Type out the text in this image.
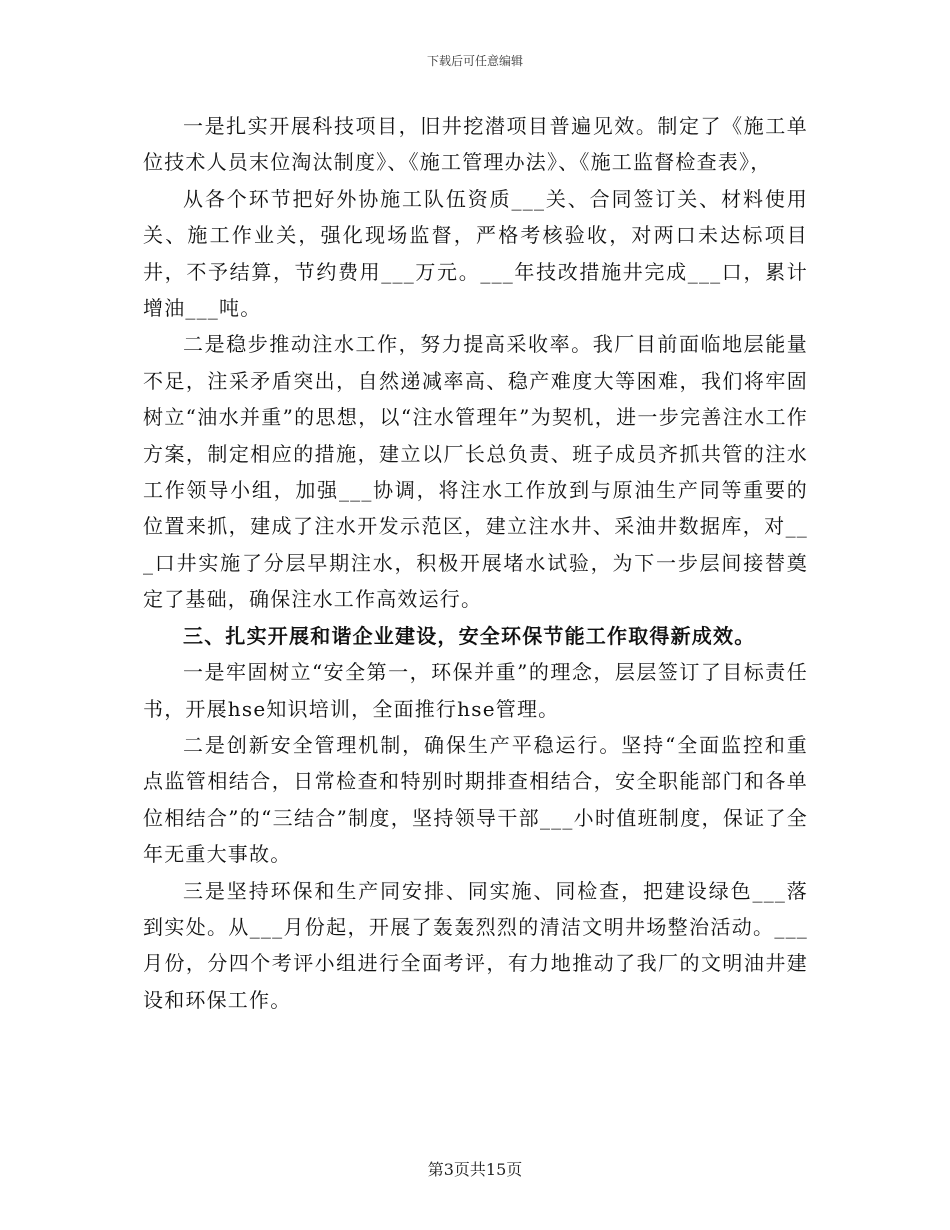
下载后可任意编辑

一是扎实开展科技项目，旧井挖潜项目普遍见效。制定了《施工单位技术人员末位淘汰制度》、《施工管理办法》、《施工监督检查表》，

从各个环节把好外协施工队伍资质___关、合同签订关、材料使用关、施工作业关，强化现场监督，严格考核验收，对两口未达标项目井，不予结算，节约费用___万元。___年技改措施井完成___口，累计增油___吨。

二是稳步推动注水工作，努力提高采收率。我厂目前面临地层能量不足，注采矛盾突出，自然递减率高、稳产难度大等困难，我们将牢固树立“油水并重”的思想，以“注水管理年”为契机，进一步完善注水工作方案，制定相应的措施，建立以厂长总负责、班子成员齐抓共管的注水工作领导小组，加强___协调，将注水工作放到与原油生产同等重要的位置来抓，建成了注水开发示范区，建立注水井、采油井数据库，对___口井实施了分层早期注水，积极开展堵水试验，为下一步层间接替奠定了基础，确保注水工作高效运行。

三、扎实开展和谐企业建设，安全环保节能工作取得新成效。

一是牢固树立“安全第一，环保并重”的理念，层层签订了目标责任书，开展hse知识培训，全面推行hse管理。

二是创新安全管理机制，确保生产平稳运行。坚持“全面监控和重点监管相结合，日常检查和特别时期排查相结合，安全职能部门和各单位相结合”的“三结合”制度，坚持领导干部___小时值班制度，保证了全年无重大事故。

三是坚持环保和生产同安排、同实施、同检查，把建设绿色___落到实处。从___月份起，开展了轰轰烈烈的清洁文明井场整治活动。___月份，分四个考评小组进行全面考评，有力地推动了我厂的文明油井建设和环保工作。

第3页共15页
